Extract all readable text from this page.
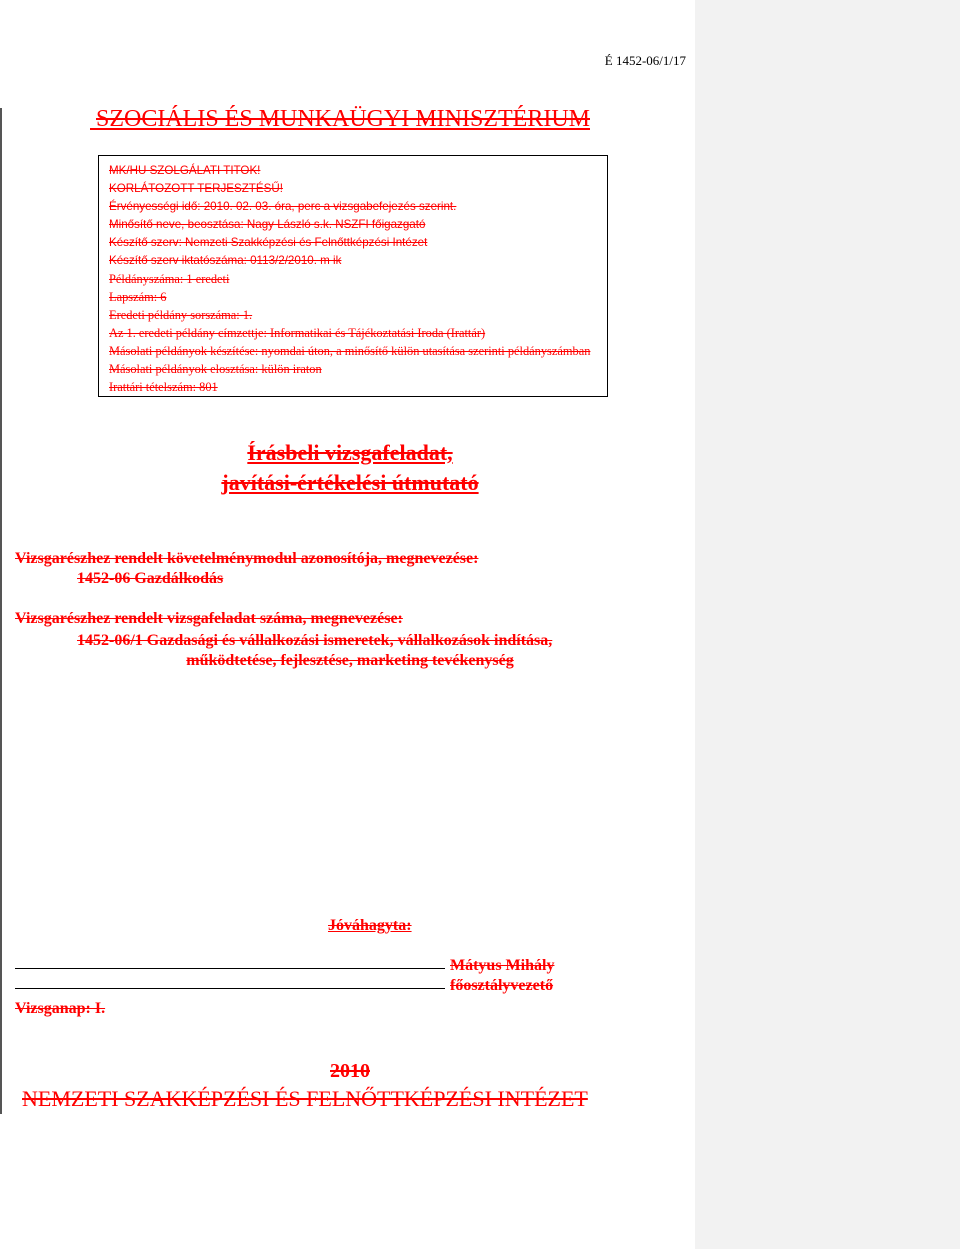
É 1452-06/1/17
SZOCIÁLIS ÉS MUNKAÜGYI MINISZTÉRIUM
MK/HU SZOLGÁLATI TITOK!
KORLÁTOZOTT TERJESZTÉSŰ!
Érvényességi idő: 2010. 02. 03. óra, perc a vizsgabefejezés szerint.
Minősítő neve, beosztása: Nagy László s.k. NSZFI főigazgató
Készítő szerv: Nemzeti Szakképzési és Felnőttképzési Intézet
Készítő szerv iktatószáma: 0113/2/2010. m ik
Példányszáma: 1 eredeti
Lapszám: 6
Eredeti példány sorszáma: 1.
Az 1. eredeti példány címzettje: Informatikai és Tájékoztatási Iroda (Irattár)
Másolati példányok készítése: nyomdai úton, a minősítő külön utasítása szerinti példányszámban
Másolati példányok elosztása: külön iraton
Irattári tételszám: 801
Írásbeli vizsgafeladat,
javítási-értékelési útmutató
Vizsgarészhez rendelt követelménymodul azonosítója, megnevezése:
1452-06 Gazdálkodás
Vizsgarészhez rendelt vizsgafeladat száma, megnevezése:
1452-06/1 Gazdasági és vállalkozási ismeretek, vállalkozások indítása,
működtetése, fejlesztése, marketing tevékenység
Jóváhagyta:
Mátyus Mihály
főosztályvezető
Vizsganap: I.
2010
NEMZETI SZAKKÉPZÉSI ÉS FELNŐTTKÉPZÉSI INTÉZET
